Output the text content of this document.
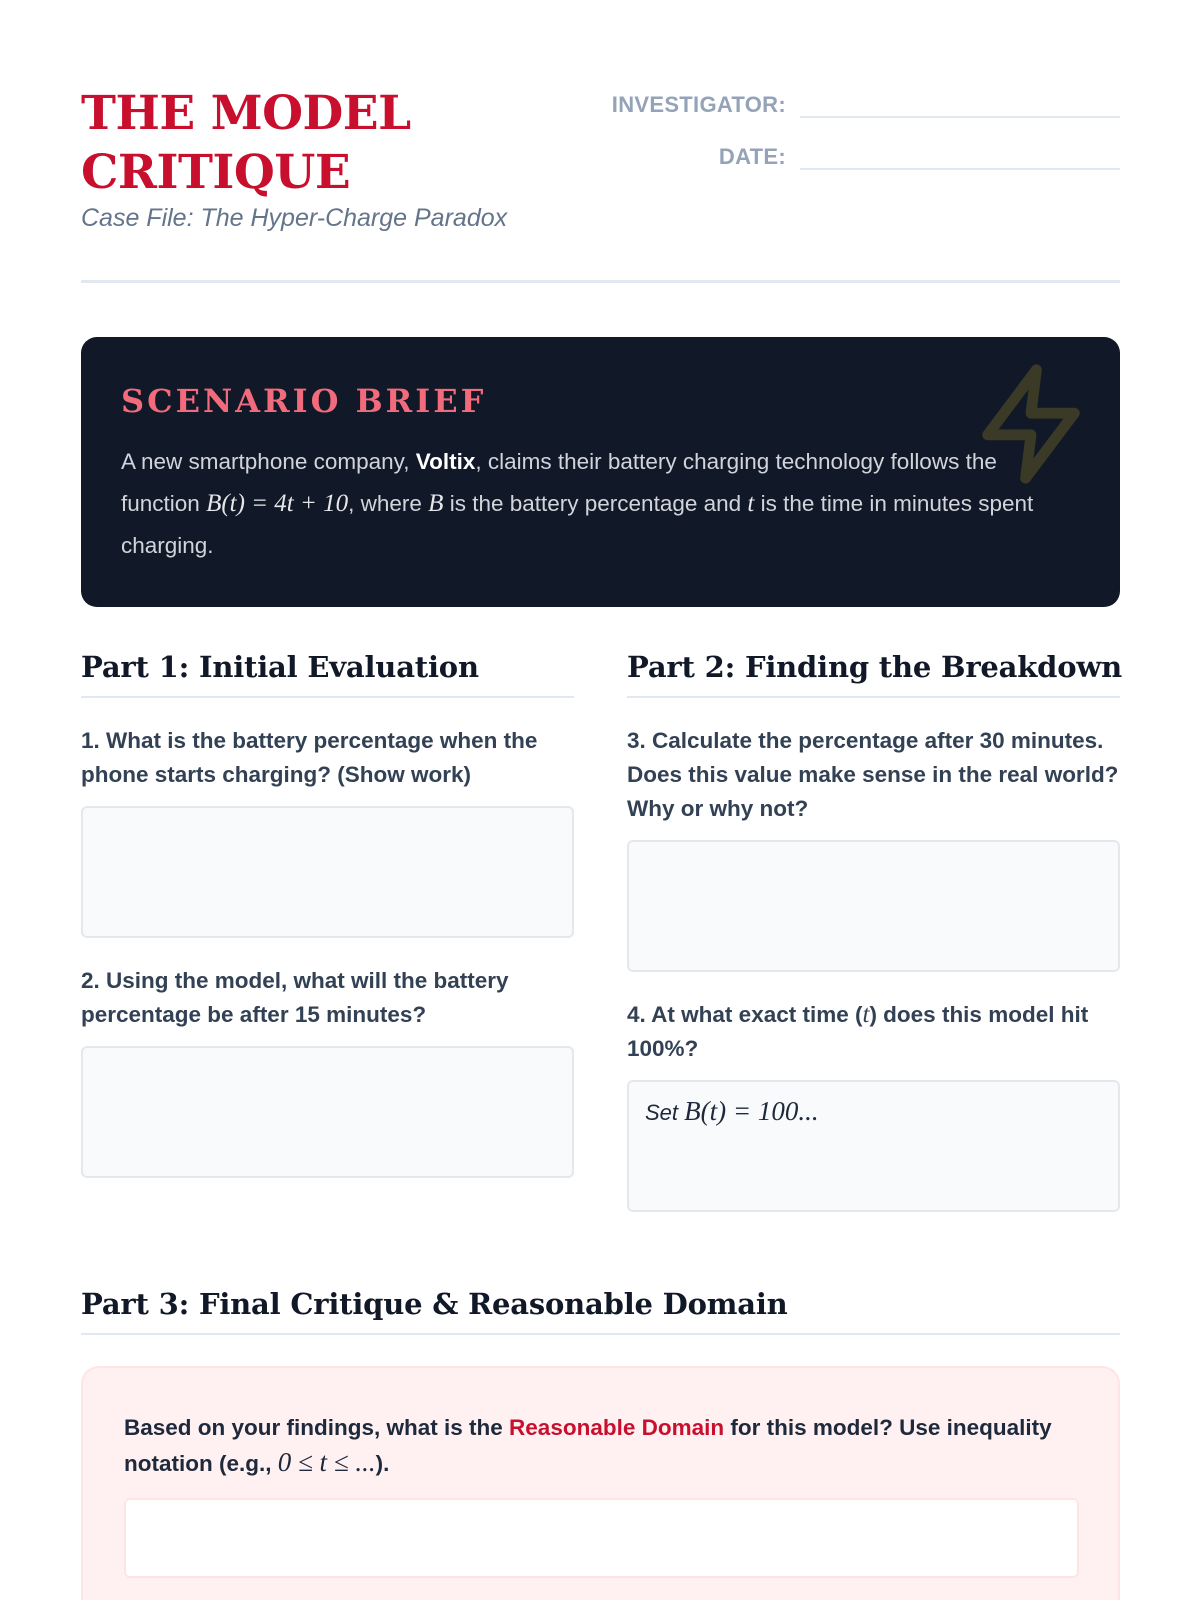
THE MODEL
CRITIQUE
Case File: The Hyper-Charge Paradox
INVESTIGATOR:
DATE:
SCENARIO BRIEF
A new smartphone company, Voltix, claims their battery charging technology follows the function B(t) = 4t + 10, where B is the battery percentage and t is the time in minutes spent charging.
Part 1: Initial Evaluation
1. What is the battery percentage when the phone starts charging? (Show work)
2. Using the model, what will the battery percentage be after 15 minutes?
Part 2: Finding the Breakdown
3. Calculate the percentage after 30 minutes. Does this value make sense in the real world? Why or why not?
4. At what exact time (t) does this model hit 100%?
Set B(t) = 100...
Part 3: Final Critique & Reasonable Domain
Based on your findings, what is the Reasonable Domain for this model? Use inequality notation (e.g., 0 ≤ t ≤ ...).
